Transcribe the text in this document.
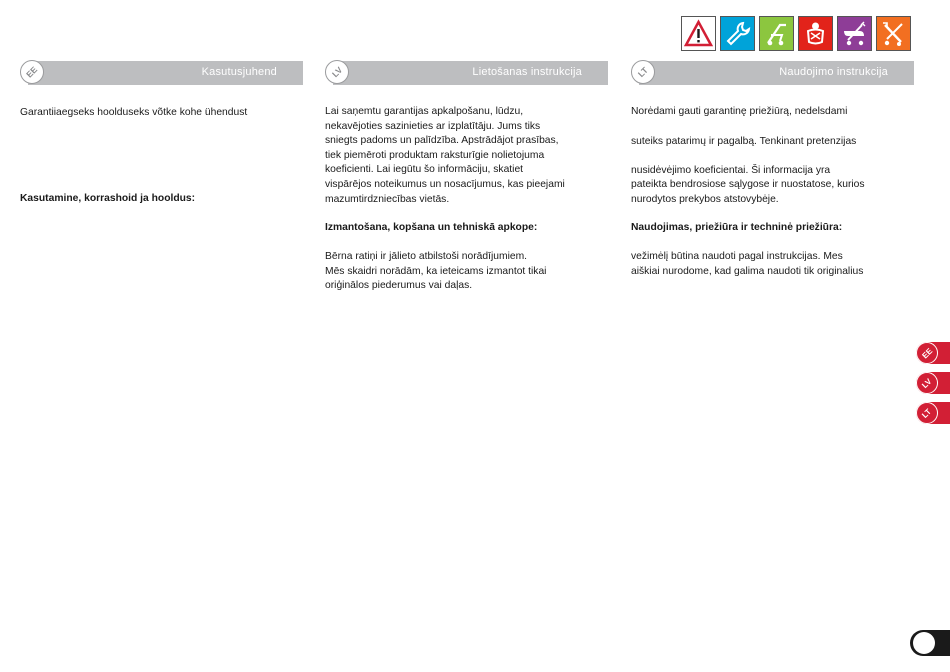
Kasutusjuhend
EE
Garantiiaegseks hoolduseks võtke kohe ühendust
Kasutamine, korrashoid ja hooldus:
Lietošanas instrukcija
LV
Lai saņemtu garantijas apkalpošanu, lūdzu,
nekavējoties sazinieties ar izplatītāju. Jums tiks
sniegts padoms un palīdzība. Apstrādājot prasības,
tiek piemēroti produktam raksturīgie nolietojuma
koeficienti. Lai iegūtu šo informāciju, skatiet
vispārējos noteikumus un nosacījumus, kas pieejami
mazumtirdzniecības vietās.
Izmantošana, kopšana un tehniskā apkope:
Bērna ratiņi ir jālieto atbilstoši norādījumiem.
Mēs skaidri norādām, ka ieteicams izmantot tikai
oriģinālos piederumus vai daļas.
Naudojimo instrukcija
LT
Norėdami gauti garantinę priežiūrą, nedelsdami
suteiks patarimų ir pagalbą. Tenkinant pretenzijas
nusidėvėjimo koeficientai. Ši informacija yra
pateikta bendrosiose sąlygose ir nuostatose, kurios
nurodytos prekybos atstovybėje.
Naudojimas, priežiūra ir techninė priežiūra:
vežimėlį būtina naudoti pagal instrukcijas. Mes
aiškiai nurodome, kad galima naudoti tik originalius
EE
LV
LT
